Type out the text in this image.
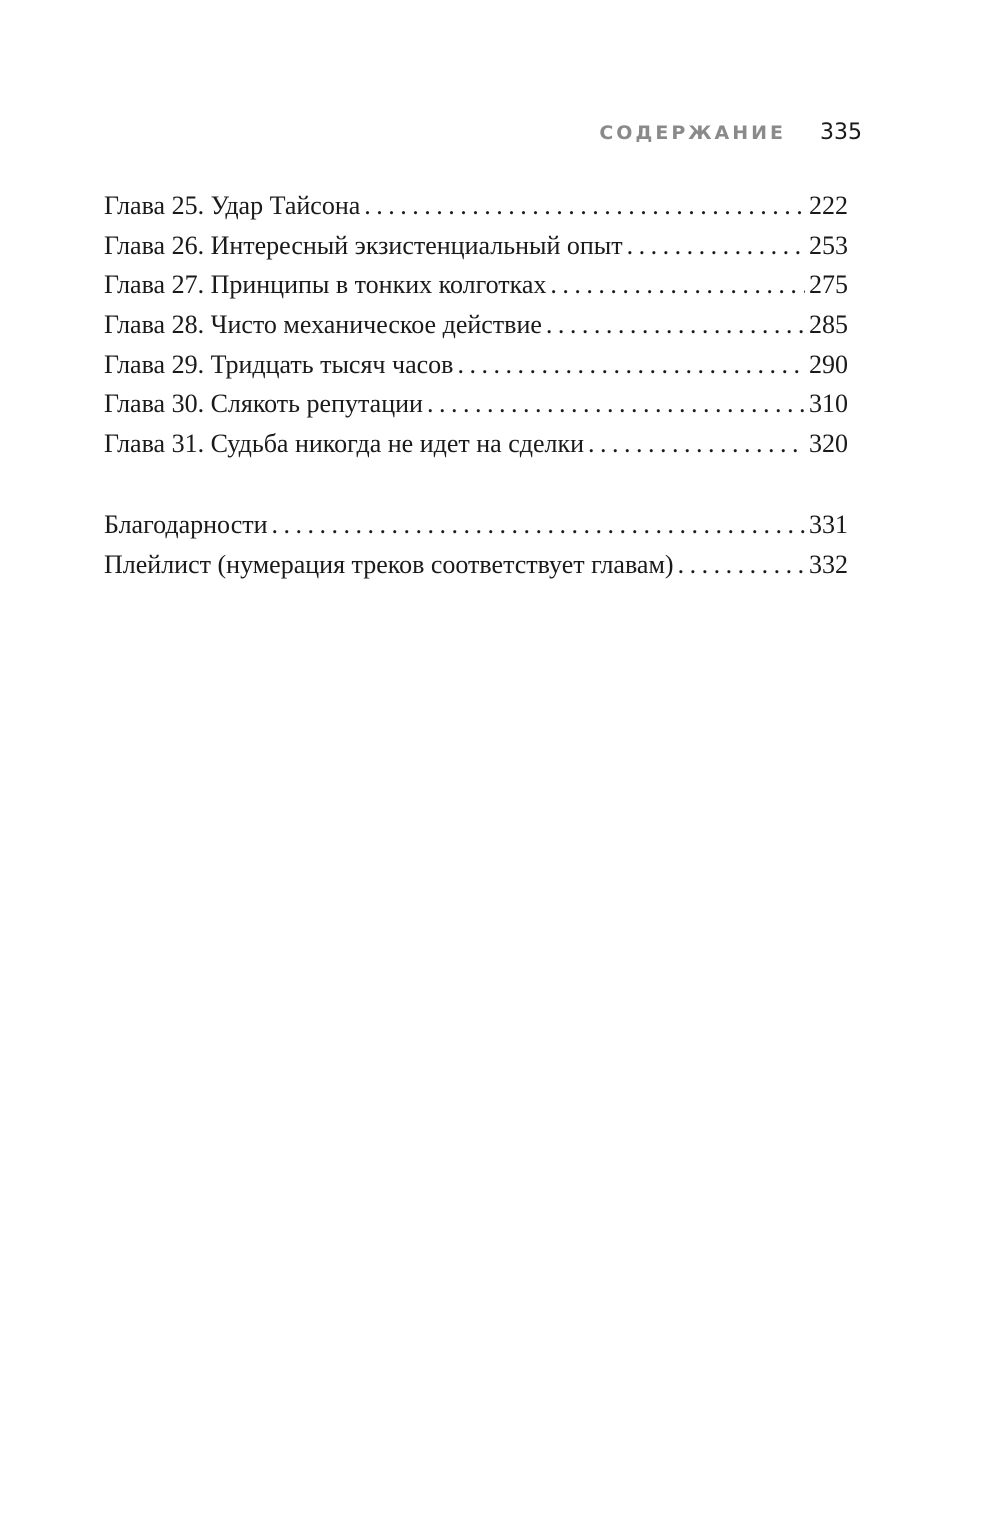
СОДЕРЖАНИЕ 335
Глава 25. Удар Тайсона . . .	222
Глава 26. Интересный экзистенциальный опыт . . .	253
Глава 27. Принципы в тонких колготках . . .	275
Глава 28. Чисто механическое действие . . .	285
Глава 29. Тридцать тысяч часов . . .	290
Глава 30. Слякоть репутации . . .	310
Глава 31. Судьба никогда не идет на сделки . . .	320
Благодарности . . .	331
Плейлист (нумерация треков соответствует главам) . . .	332
